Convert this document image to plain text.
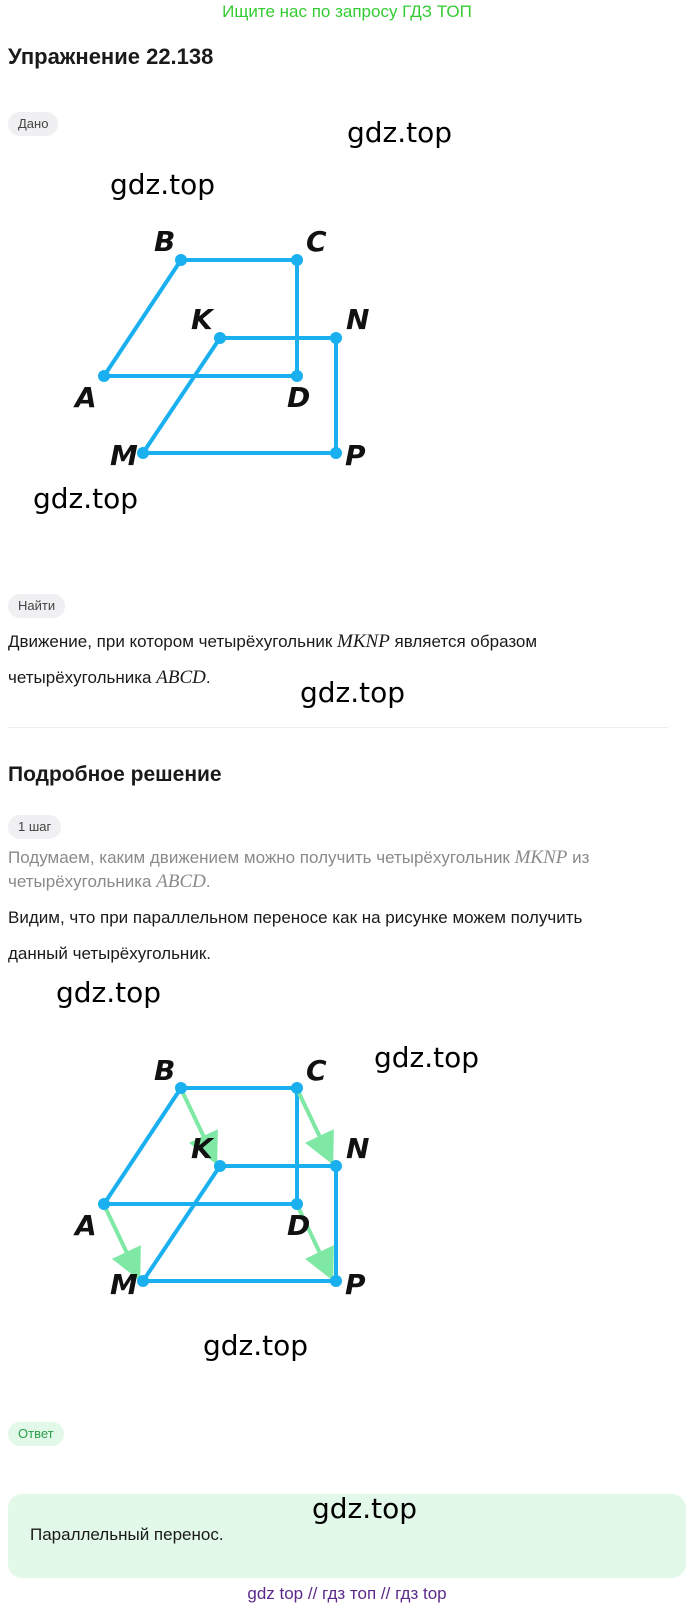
Ищите нас по запросу ГДЗ ТОП
Упражнение 22.138
Дано
B	C
K	N
A	D
M	P
gdz.top
gdz.top
gdz.top
Найти
Движение, при котором четырёхугольник MKNP является образом
четырёхугольника ABCD.	gdz.top
Подробное решение
1 шаг
Подумаем, каким движением можно получить четырёхугольник MKNP из
четырёхугольника ABCD.
Видим, что при параллельном переносе как на рисунке можем получить
данный четырёхугольник.
B	C
K	N
A	D
M	P
gdz.top
gdz.top
gdz.top
Ответ
Параллельный перенос.
gdz.top
gdz top // гдз топ // гдз top
